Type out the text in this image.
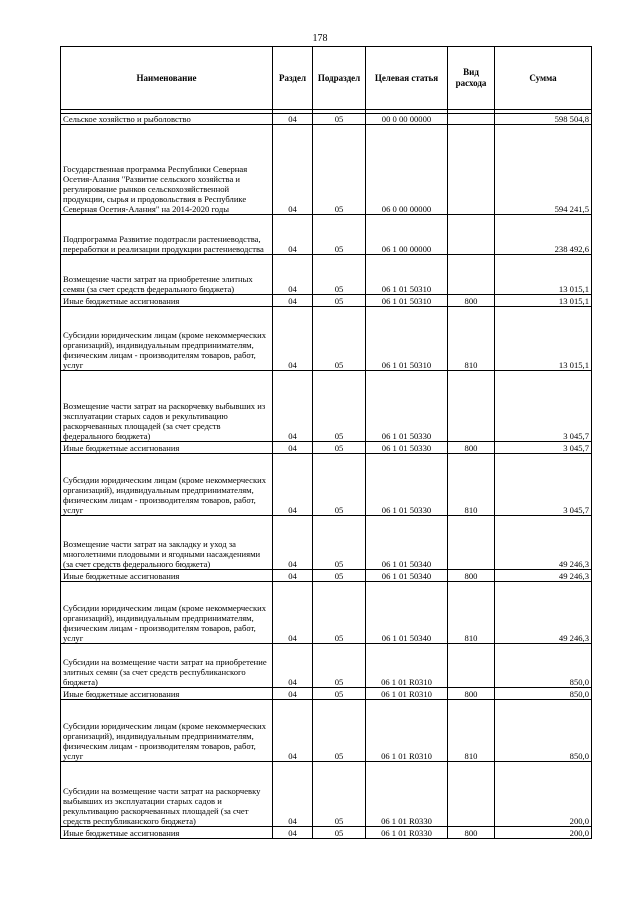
178
Наименование	Раздел	Подраздел	Целевая статья	Вид расхода	Сумма

Сельское хозяйство и рыболовство	04	05	00 0 00 00000		598 504,8
Государственная программа Республики Северная Осетия-Алания "Развитие сельского хозяйства и регулирование рынков сельскохозяйственной продукции, сырья и продовольствия в Республике Северная Осетия-Алания" на 2014-2020 годы	04	05	06 0 00 00000		594 241,5
Подпрограмма Развитие подотрасли растениеводства, переработки и реализации продукции растениеводства	04	05	06 1 00 00000		238 492,6
Возмещение части затрат на приобретение элитных семян (за счет средств федерального бюджета)	04	05	06 1 01 50310		13 015,1
Иные бюджетные ассигнования	04	05	06 1 01 50310	800	13 015,1
Субсидии юридическим лицам (кроме некоммерческих организаций), индивидуальным предпринимателям, физическим лицам - производителям товаров, работ, услуг	04	05	06 1 01 50310	810	13 015,1
Возмещение части затрат на раскорчевку выбывших из эксплуатации старых садов и рекультивацию раскорчеванных площадей (за счет средств федерального бюджета)	04	05	06 1 01 50330		3 045,7
Иные бюджетные ассигнования	04	05	06 1 01 50330	800	3 045,7
Субсидии юридическим лицам (кроме некоммерческих организаций), индивидуальным предпринимателям, физическим лицам - производителям товаров, работ, услуг	04	05	06 1 01 50330	810	3 045,7
Возмещение части затрат на закладку и уход за многолетними плодовыми и ягодными насаждениями (за счет средств федерального бюджета)	04	05	06 1 01 50340		49 246,3
Иные бюджетные ассигнования	04	05	06 1 01 50340	800	49 246,3
Субсидии юридическим лицам (кроме некоммерческих организаций), индивидуальным предпринимателям, физическим лицам - производителям товаров, работ, услуг	04	05	06 1 01 50340	810	49 246,3
Субсидии на возмещение части затрат на приобретение элитных семян (за счет средств республиканского бюджета)	04	05	06 1 01 R0310		850,0
Иные бюджетные ассигнования	04	05	06 1 01 R0310	800	850,0
Субсидии юридическим лицам (кроме некоммерческих организаций), индивидуальным предпринимателям, физическим лицам - производителям товаров, работ, услуг	04	05	06 1 01 R0310	810	850,0
Субсидии на возмещение части затрат на раскорчевку выбывших из эксплуатации старых садов и рекультивацию раскорчеванных площадей (за счет средств республиканского бюджета)	04	05	06 1 01 R0330		200,0
Иные бюджетные ассигнования	04	05	06 1 01 R0330	800	200,0
